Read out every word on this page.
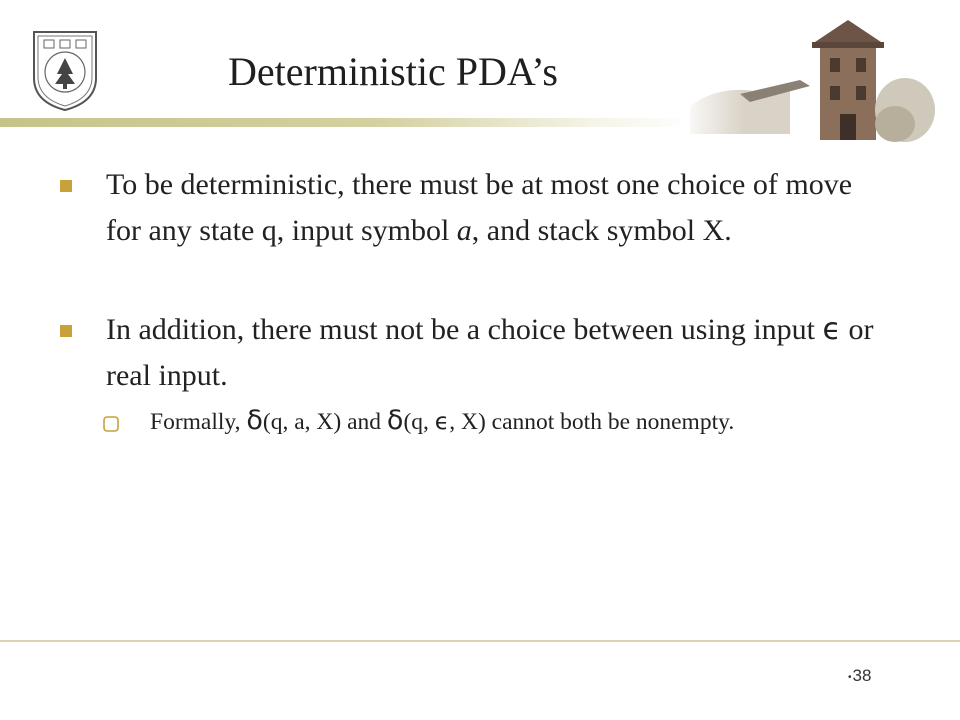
Deterministic PDA’s
To be deterministic, there must be at most one choice of move for any state q, input symbol a, and stack symbol X.
In addition, there must not be a choice between using input ϵ or real input.
Formally, δ(q, a, X) and δ(q, ϵ, X) cannot both be nonempty.
•38
